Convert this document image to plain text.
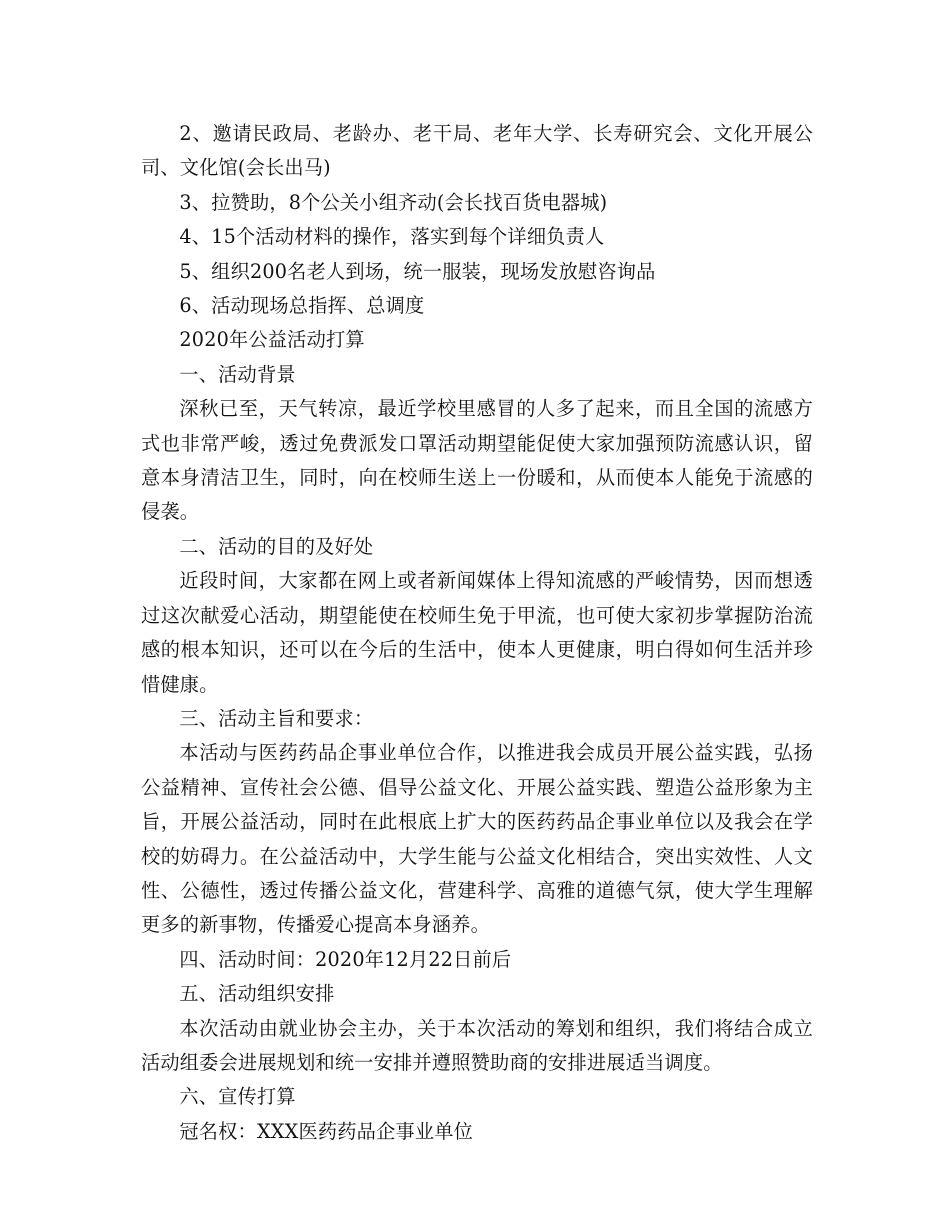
2、邀请民政局、老龄办、老干局、老年大学、长寿研究会、文化开展公司、文化馆(会长出马)

3、拉赞助，8个公关小组齐动(会长找百货电器城)

4、15个活动材料的操作，落实到每个详细负责人

5、组织200名老人到场，统一服装，现场发放慰咨询品

6、活动现场总指挥、总调度

2020年公益活动打算

一、活动背景

深秋已至，天气转凉，最近学校里感冒的人多了起来，而且全国的流感方式也非常严峻，透过免费派发口罩活动期望能促使大家加强预防流感认识，留意本身清洁卫生，同时，向在校师生送上一份暖和，从而使本人能免于流感的侵袭。

二、活动的目的及好处

近段时间，大家都在网上或者新闻媒体上得知流感的严峻情势，因而想透过这次献爱心活动，期望能使在校师生免于甲流，也可使大家初步掌握防治流感的根本知识，还可以在今后的生活中，使本人更健康，明白得如何生活并珍惜健康。

三、活动主旨和要求：

本活动与医药药品企事业单位合作，以推进我会成员开展公益实践，弘扬公益精神、宣传社会公德、倡导公益文化、开展公益实践、塑造公益形象为主旨，开展公益活动，同时在此根底上扩大的医药药品企事业单位以及我会在学校的妨碍力。在公益活动中，大学生能与公益文化相结合，突出实效性、人文性、公德性，透过传播公益文化，营建科学、高雅的道德气氛，使大学生理解更多的新事物，传播爱心提高本身涵养。

四、活动时间：2020年12月22日前后

五、活动组织安排

本次活动由就业协会主办，关于本次活动的筹划和组织，我们将结合成立活动组委会进展规划和统一安排并遵照赞助商的安排进展适当调度。

六、宣传打算

冠名权：XXX医药药品企事业单位
